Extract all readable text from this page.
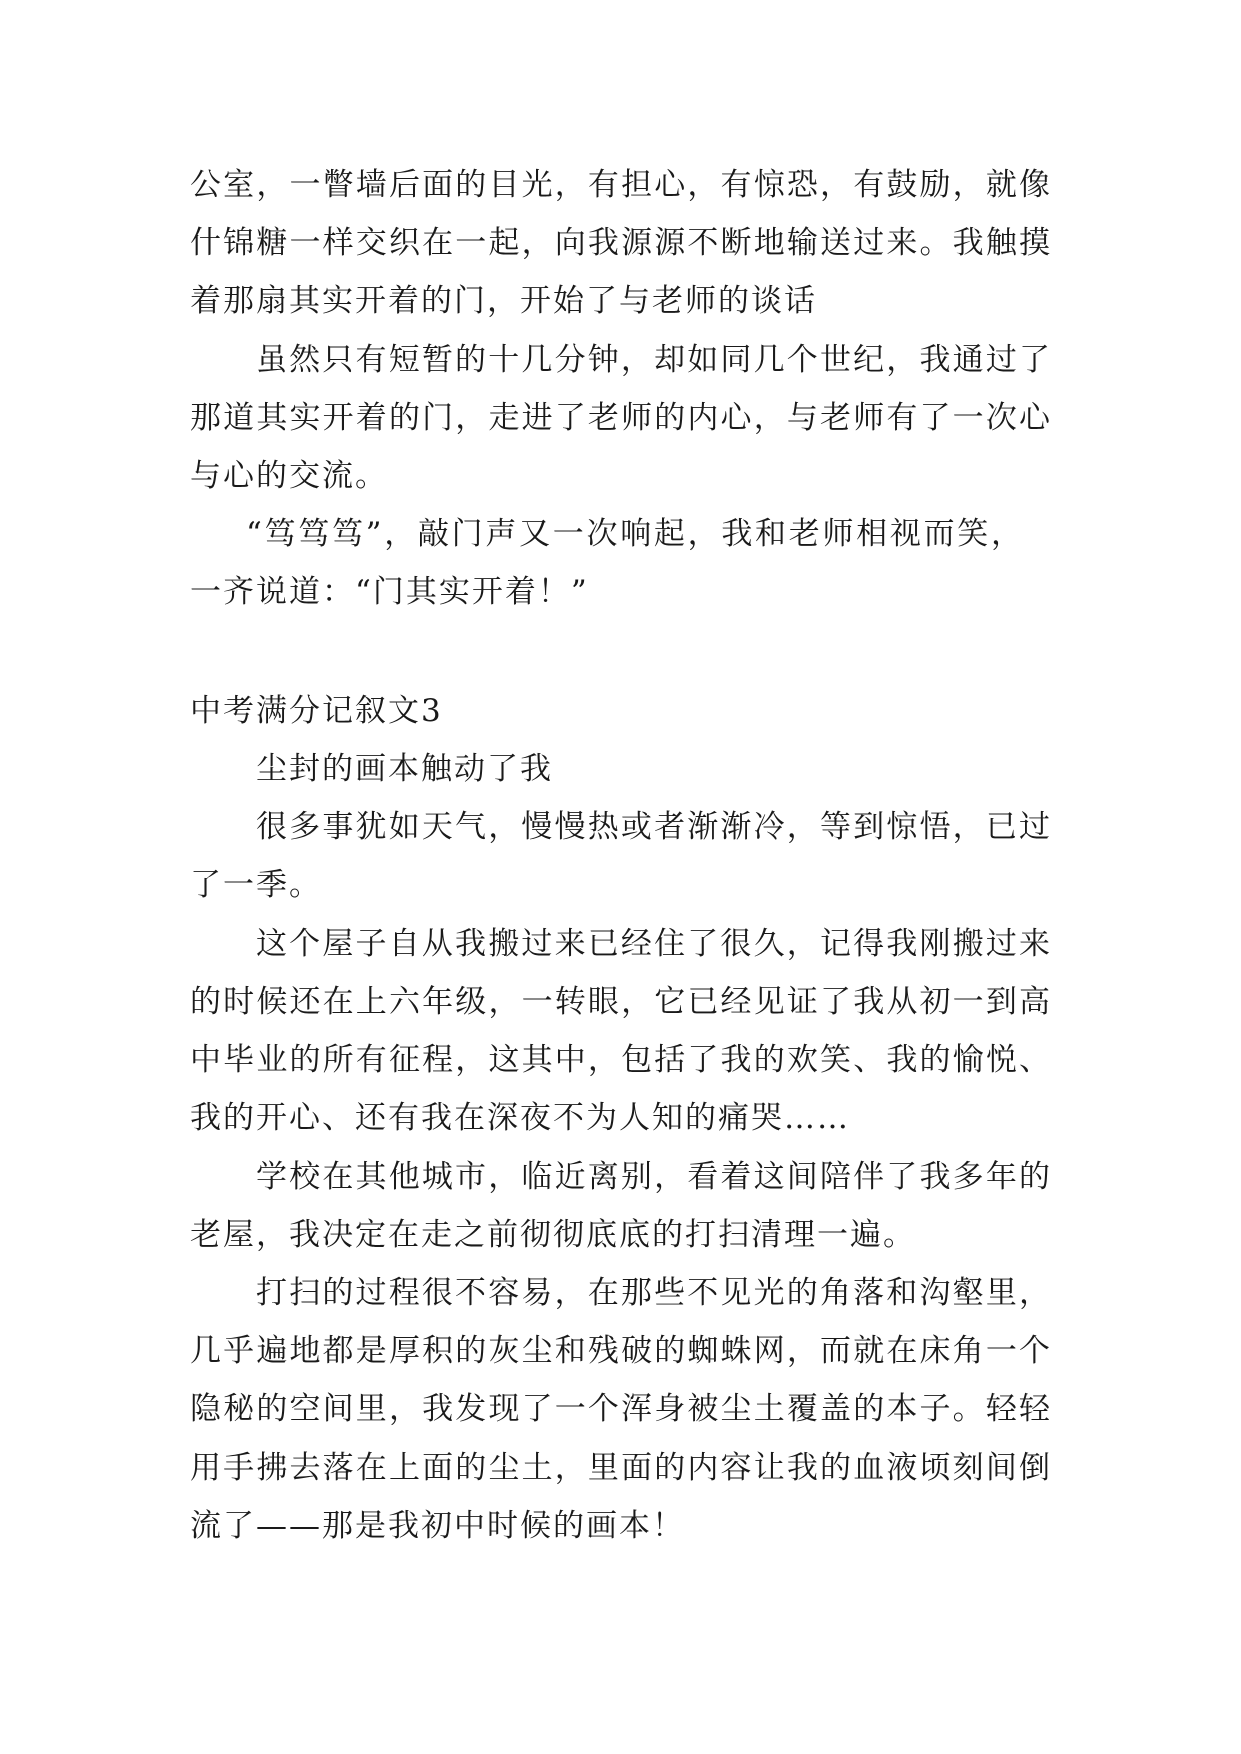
公室，一瞥墙后面的目光，有担心，有惊恐，有鼓励，就像
什锦糖一样交织在一起，向我源源不断地输送过来。我触摸
着那扇其实开着的门，开始了与老师的谈话
虽然只有短暂的十几分钟，却如同几个世纪，我通过了
那道其实开着的门，走进了老师的内心，与老师有了一次心
与心的交流。
“笃笃笃”，敲门声又一次响起，我和老师相视而笑，
一齐说道：“门其实开着！”
中考满分记叙文3
尘封的画本触动了我
很多事犹如天气，慢慢热或者渐渐冷，等到惊悟，已过
了一季。
这个屋子自从我搬过来已经住了很久，记得我刚搬过来
的时候还在上六年级，一转眼，它已经见证了我从初一到高
中毕业的所有征程，这其中，包括了我的欢笑、我的愉悦、
我的开心、还有我在深夜不为人知的痛哭……
学校在其他城市，临近离别，看着这间陪伴了我多年的
老屋，我决定在走之前彻彻底底的打扫清理一遍。
打扫的过程很不容易，在那些不见光的角落和沟壑里，
几乎遍地都是厚积的灰尘和残破的蜘蛛网，而就在床角一个
隐秘的空间里，我发现了一个浑身被尘土覆盖的本子。轻轻
用手拂去落在上面的尘土，里面的内容让我的血液顷刻间倒
流了——那是我初中时候的画本！
